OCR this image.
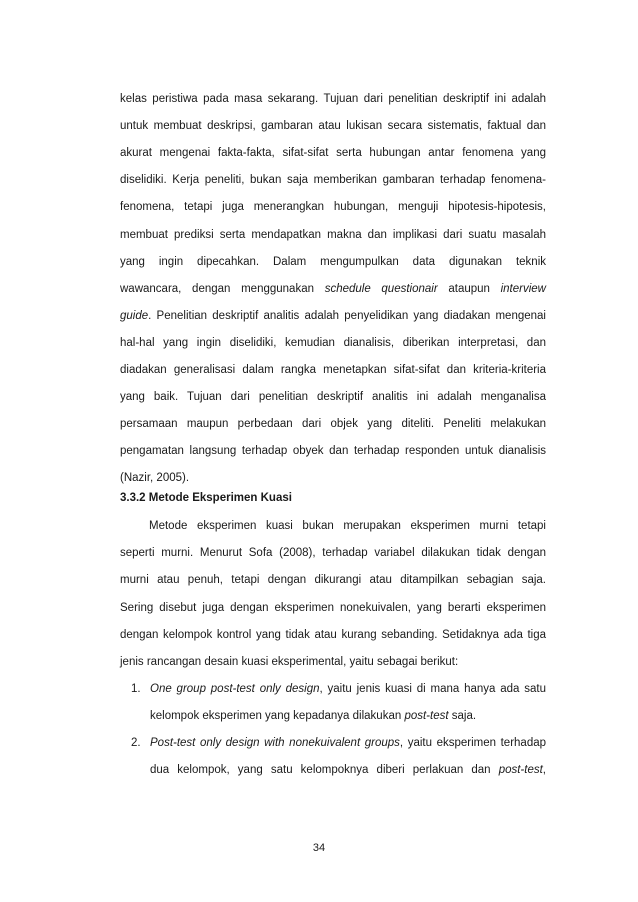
kelas peristiwa pada masa sekarang. Tujuan dari penelitian deskriptif ini adalah
untuk membuat deskripsi, gambaran atau lukisan secara sistematis, faktual dan
akurat mengenai fakta-fakta, sifat-sifat serta hubungan antar fenomena yang
diselidiki. Kerja peneliti, bukan saja memberikan gambaran terhadap fenomena-
fenomena, tetapi juga menerangkan hubungan, menguji hipotesis-hipotesis,
membuat prediksi serta mendapatkan makna dan implikasi dari suatu masalah
yang ingin dipecahkan. Dalam mengumpulkan data digunakan teknik
wawancara, dengan menggunakan schedule questionair ataupun interview
guide. Penelitian deskriptif analitis adalah penyelidikan yang diadakan mengenai
hal-hal yang ingin diselidiki, kemudian dianalisis, diberikan interpretasi, dan
diadakan generalisasi dalam rangka menetapkan sifat-sifat dan kriteria-kriteria
yang baik. Tujuan dari penelitian deskriptif analitis ini adalah menganalisa
persamaan maupun perbedaan dari objek yang diteliti. Peneliti melakukan
pengamatan langsung terhadap obyek dan terhadap responden untuk dianalisis
(Nazir, 2005).
3.3.2 Metode Eksperimen Kuasi
Metode eksperimen kuasi bukan merupakan eksperimen murni tetapi
seperti murni. Menurut Sofa (2008), terhadap variabel dilakukan tidak dengan
murni atau penuh, tetapi dengan dikurangi atau ditampilkan sebagian saja.
Sering disebut juga dengan eksperimen nonekuivalen, yang berarti eksperimen
dengan kelompok kontrol yang tidak atau kurang sebanding. Setidaknya ada tiga
jenis rancangan desain kuasi eksperimental, yaitu sebagai berikut:
1. One group post-test only design, yaitu jenis kuasi di mana hanya ada satu
kelompok eksperimen yang kepadanya dilakukan post-test saja.
2. Post-test only design with nonekuivalent groups, yaitu eksperimen terhadap
dua kelompok, yang satu kelompoknya diberi perlakuan dan post-test,
34
